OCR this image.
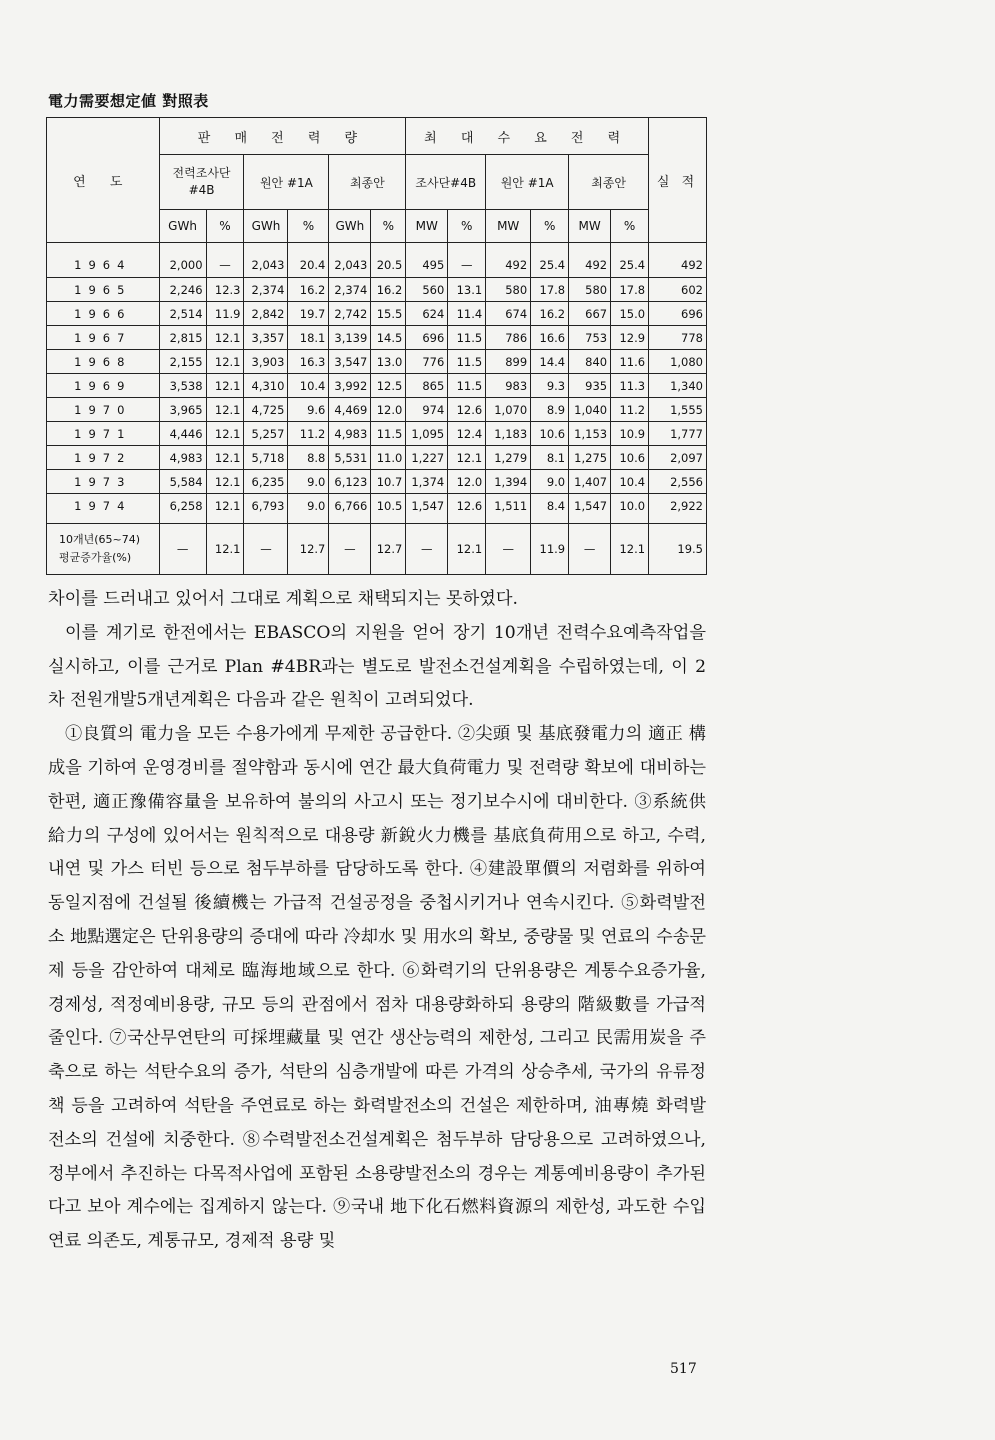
電力需要想定値 對照表
연 도	판 매 전 력 량						최 대 수 요 전 력						실 적
	전력조사단 #4B		원안 #1A		최종안		조사단#4B		원안 #1A		최종안		
	GWh	%	GWh	%	GWh	%	MW	%	MW	%	MW	%	
1964	2,000	—	2,043	20.4	2,043	20.5	495	—	492	25.4	492	25.4	492
1965	2,246	12.3	2,374	16.2	2,374	16.2	560	13.1	580	17.8	580	17.8	602
1966	2,514	11.9	2,842	19.7	2,742	15.5	624	11.4	674	16.2	667	15.0	696
1967	2,815	12.1	3,357	18.1	3,139	14.5	696	11.5	786	16.6	753	12.9	778
1968	2,155	12.1	3,903	16.3	3,547	13.0	776	11.5	899	14.4	840	11.6	1,080
1969	3,538	12.1	4,310	10.4	3,992	12.5	865	11.5	983	9.3	935	11.3	1,340
1970	3,965	12.1	4,725	9.6	4,469	12.0	974	12.6	1,070	8.9	1,040	11.2	1,555
1971	4,446	12.1	5,257	11.2	4,983	11.5	1,095	12.4	1,183	10.6	1,153	10.9	1,777
1972	4,983	12.1	5,718	8.8	5,531	11.0	1,227	12.1	1,279	8.1	1,275	10.6	2,097
1973	5,584	12.1	6,235	9.0	6,123	10.7	1,374	12.0	1,394	9.0	1,407	10.4	2,556
1974	6,258	12.1	6,793	9.0	6,766	10.5	1,547	12.6	1,511	8.4	1,547	10.0	2,922
10개년(65~74)
평균증가율(%)	—	12.1	—	12.7	—	12.7	—	12.1	—	11.9	—	12.1	19.5

차이를 드러내고 있어서 그대로 계획으로 채택되지는 못하였다.

이를 계기로 한전에서는 EBASCO의 지원을 얻어 장기 10개년 전력수요예측작업을 실시하고, 이를 근거로 Plan #4BR과는 별도로 발전소건설계획을 수립하였는데, 이 2차 전원개발5개년계획은 다음과 같은 원칙이 고려되었다.

①良質의 電力을 모든 수용가에게 무제한 공급한다. ②尖頭 및 基底發電力의 適正 構成을 기하여 운영경비를 절약함과 동시에 연간 最大負荷電力 및 전력량 확보에 대비하는 한편, 適正豫備容量을 보유하여 불의의 사고시 또는 정기보수시에 대비한다. ③系統供給力의 구성에 있어서는 원칙적으로 대용량 新銳火力機를 基底負荷用으로 하고, 수력, 내연 및 가스 터빈 등으로 첨두부하를 담당하도록 한다. ④建設單價의 저렴화를 위하여 동일지점에 건설될 後續機는 가급적 건설공정을 중첩시키거나 연속시킨다. ⑤화력발전소 地點選定은 단위용량의 증대에 따라 冷却水 및 用水의 확보, 중량물 및 연료의 수송문제 등을 감안하여 대체로 臨海地域으로 한다. ⑥화력기의 단위용량은 계통수요증가율, 경제성, 적정예비용량, 규모 등의 관점에서 점차 대용량화하되 용량의 階級數를 가급적 줄인다. ⑦국산무연탄의 可採埋藏量 및 연간 생산능력의 제한성, 그리고 民需用炭을 주축으로 하는 석탄수요의 증가, 석탄의 심층개발에 따른 가격의 상승추세, 국가의 유류정책 등을 고려하여 석탄을 주연료로 하는 화력발전소의 건설은 제한하며, 油專燒 화력발전소의 건설에 치중한다. ⑧수력발전소건설계획은 첨두부하 담당용으로 고려하였으나, 정부에서 추진하는 다목적사업에 포함된 소용량발전소의 경우는 계통예비용량이 추가된다고 보아 계수에는 집계하지 않는다. ⑨국내 地下化石燃料資源의 제한성, 과도한 수입연료 의존도, 계통규모, 경제적 용량 및

517
